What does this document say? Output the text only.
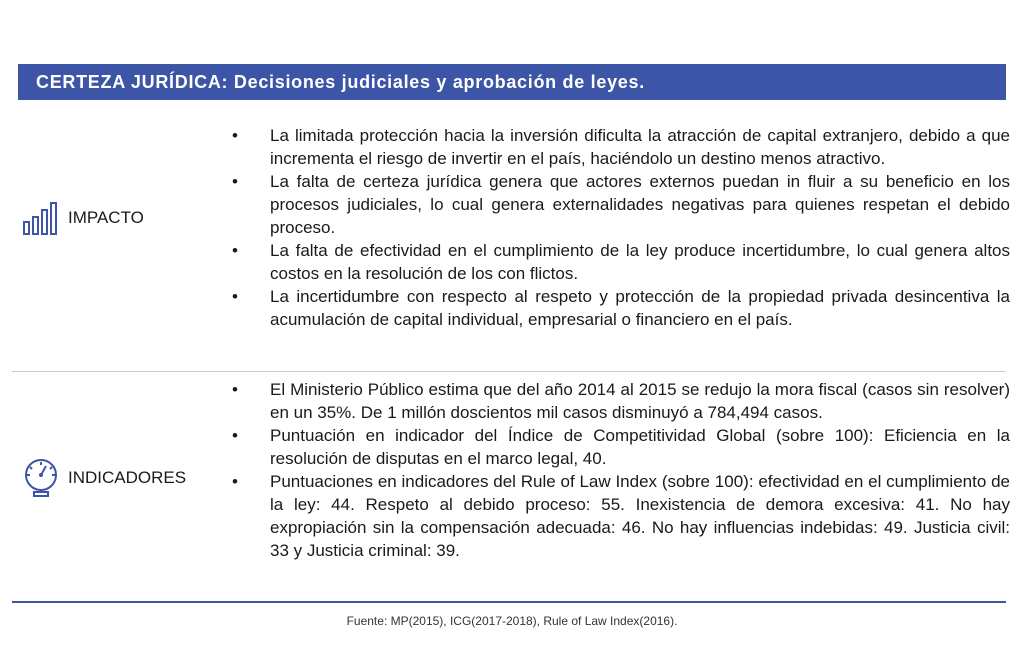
CERTEZA JURÍDICA: Decisiones judiciales y aprobación de leyes.
IMPACTO
• La limitada protección hacia la inversión dificulta la atracción de capital extranjero, debido a que incrementa el riesgo de invertir en el país, haciéndolo un destino menos atractivo.
• La falta de certeza jurídica genera que actores externos puedan in fluir a su beneficio en los procesos judiciales, lo cual genera externalidades negativas para quienes respetan el debido proceso.
• La falta de efectividad en el cumplimiento de la ley produce incertidumbre, lo cual genera altos costos en la resolución de los con flictos.
• La incertidumbre con respecto al respeto y protección de la propiedad privada desincentiva la acumulación de capital individual, empresarial o financiero en el país.
INDICADORES
• El Ministerio Público estima que del año 2014 al 2015 se redujo la mora fiscal (casos sin resolver) en un 35%. De 1 millón doscientos mil casos disminuyó a 784,494 casos.
• Puntuación en indicador del Índice de Competitividad Global (sobre 100): Eficiencia en la resolución de disputas en el marco legal, 40.
• Puntuaciones en indicadores del Rule of Law Index (sobre 100): efectividad en el cumplimiento de la ley: 44. Respeto al debido proceso: 55. Inexistencia de demora excesiva: 41. No hay expropiación sin la compensación adecuada: 46. No hay influencias indebidas: 49. Justicia civil: 33 y Justicia criminal: 39.
Fuente: MP(2015), ICG(2017-2018), Rule of Law Index(2016).
